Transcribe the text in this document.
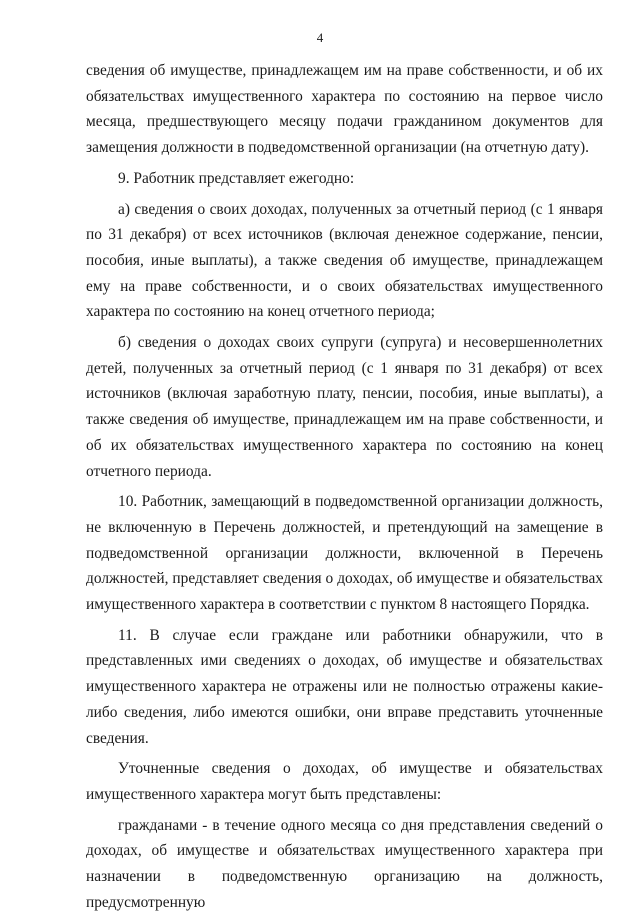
4

сведения об имуществе, принадлежащем им на праве собственности, и об их обязательствах имущественного характера по состоянию на первое число месяца, предшествующего месяцу подачи гражданином документов для замещения должности в подведомственной организации (на отчетную дату).

9. Работник представляет ежегодно:

а) сведения о своих доходах, полученных за отчетный период (с 1 января по 31 декабря) от всех источников (включая денежное содержание, пенсии, пособия, иные выплаты), а также сведения об имуществе, принадлежащем ему на праве собственности, и о своих обязательствах имущественного характера по состоянию на конец отчетного периода;

б) сведения о доходах своих супруги (супруга) и несовершеннолетних детей, полученных за отчетный период (с 1 января по 31 декабря) от всех источников (включая заработную плату, пенсии, пособия, иные выплаты), а также сведения об имуществе, принадлежащем им на праве собственности, и об их обязательствах имущественного характера по состоянию на конец отчетного периода.

10. Работник, замещающий в подведомственной организации должность, не включенную в Перечень должностей, и претендующий на замещение в подведомственной организации должности, включенной в Перечень должностей, представляет сведения о доходах, об имуществе и обязательствах имущественного характера в соответствии с пунктом 8 настоящего Порядка.

11. В случае если граждане или работники обнаружили, что в представленных ими сведениях о доходах, об имуществе и обязательствах имущественного характера не отражены или не полностью отражены какие-либо сведения, либо имеются ошибки, они вправе представить уточненные сведения.

Уточненные сведения о доходах, об имуществе и обязательствах имущественного характера могут быть представлены:

гражданами - в течение одного месяца со дня представления сведений о доходах, об имуществе и обязательствах имущественного характера при назначении в подведомственную организацию на должность, предусмотренную
